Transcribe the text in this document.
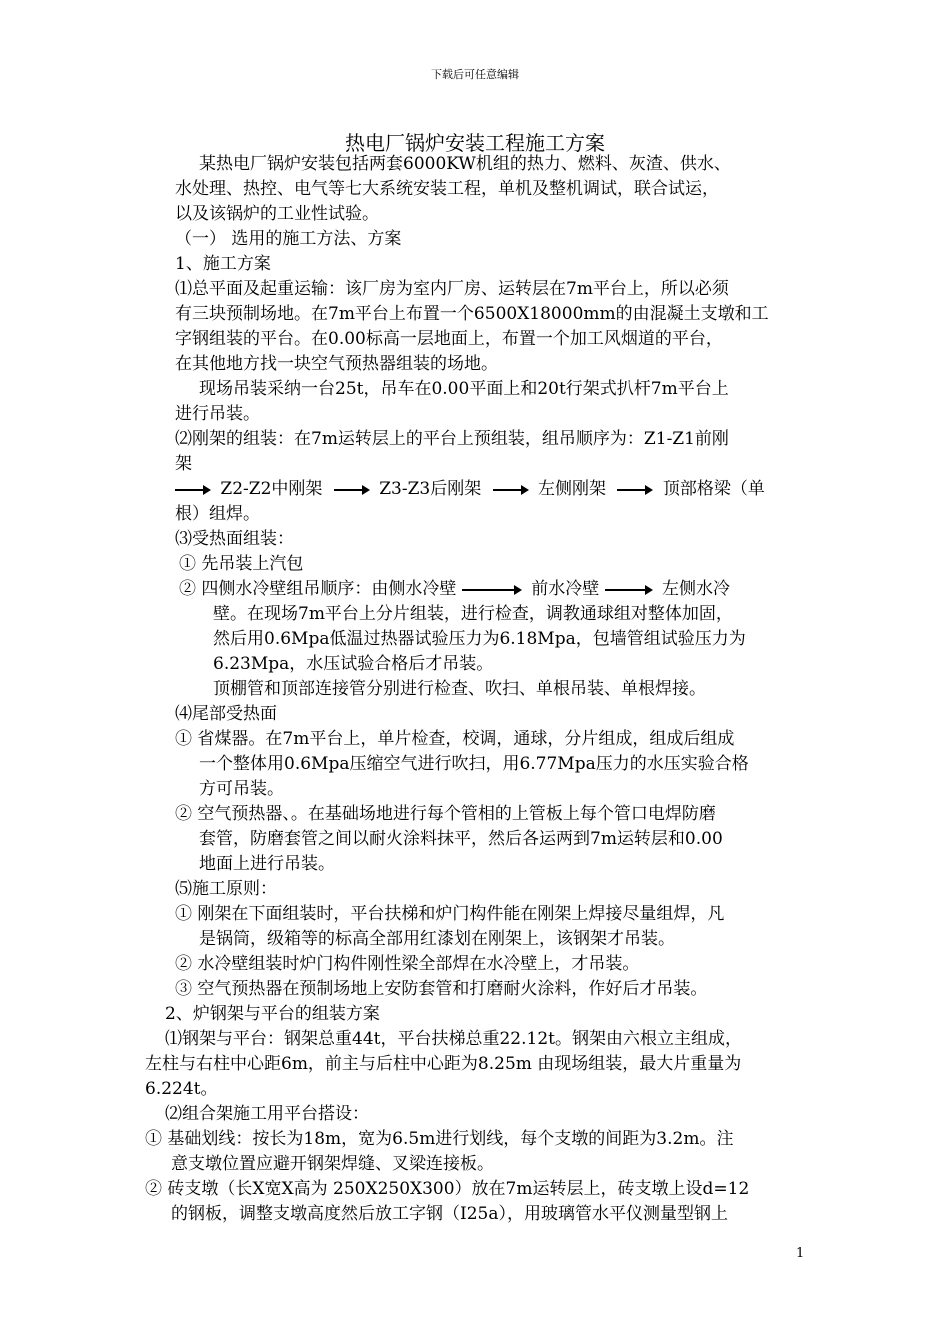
下载后可任意编辑
热电厂锅炉安装工程施工方案
某热电厂锅炉安装包括两套6000KW机组的热力、燃料、灰渣、供水、
水处理、热控、电气等七大系统安装工程，单机及整机调试，联合试运，
以及该锅炉的工业性试验。
（一） 选用的施工方法、方案
1、施工方案
⑴总平面及起重运输：该厂房为室内厂房、运转层在7m平台上，所以必须
有三块预制场地。在7m平台上布置一个6500X18000mm的由混凝土支墩和工
字钢组装的平台。在0.00标高一层地面上，布置一个加工风烟道的平台，
在其他地方找一块空气预热器组装的场地。
现场吊装采纳一台25t，吊车在0.00平面上和20t行架式扒杆7m平台上
进行吊装。
⑵刚架的组装：在7m运转层上的平台上预组装，组吊顺序为：Z1-Z1前刚
架
Z2-Z2中刚架	Z3-Z3后刚架	左侧刚架	顶部格梁（单
根）组焊。
⑶受热面组装：
① 先吊装上汽包
② 四侧水冷壁组吊顺序：由侧水冷壁	前水冷壁	左侧水冷
壁。在现场7m平台上分片组装，进行检查，调教通球组对整体加固，
然后用0.6Mpa低温过热器试验压力为6.18Mpa，包墙管组试验压力为
6.23Mpa，水压试验合格后才吊装。
顶棚管和顶部连接管分别进行检查、吹扫、单根吊装、单根焊接。
⑷尾部受热面
① 省煤器。在7m平台上，单片检查，校调，通球，分片组成，组成后组成
一个整体用0.6Mpa压缩空气进行吹扫，用6.77Mpa压力的水压实验合格
方可吊装。
② 空气预热器、。在基础场地进行每个管相的上管板上每个管口电焊防磨
套管，防磨套管之间以耐火涂料抹平，然后各运两到7m运转层和0.00
地面上进行吊装。
⑸施工原则：
① 刚架在下面组装时，平台扶梯和炉门构件能在刚架上焊接尽量组焊，凡
是锅筒，级箱等的标高全部用红漆划在刚架上，该钢架才吊装。
② 水冷壁组装时炉门构件刚性梁全部焊在水冷壁上，才吊装。
③ 空气预热器在预制场地上安防套管和打磨耐火涂料，作好后才吊装。
2、炉钢架与平台的组装方案
⑴钢架与平台：钢架总重44t，平台扶梯总重22.12t。钢架由六根立主组成，
左柱与右柱中心距6m，前主与后柱中心距为8.25m 由现场组装，最大片重量为
6.224t。
⑵组合架施工用平台搭设：
① 基础划线：按长为18m，宽为6.5m进行划线，每个支墩的间距为3.2m。注
意支墩位置应避开钢架焊缝、叉梁连接板。
② 砖支墩（长X宽X高为 250X250X300）放在7m运转层上，砖支墩上设d=12
的钢板，调整支墩高度然后放工字钢（I25a），用玻璃管水平仪测量型钢上
1
